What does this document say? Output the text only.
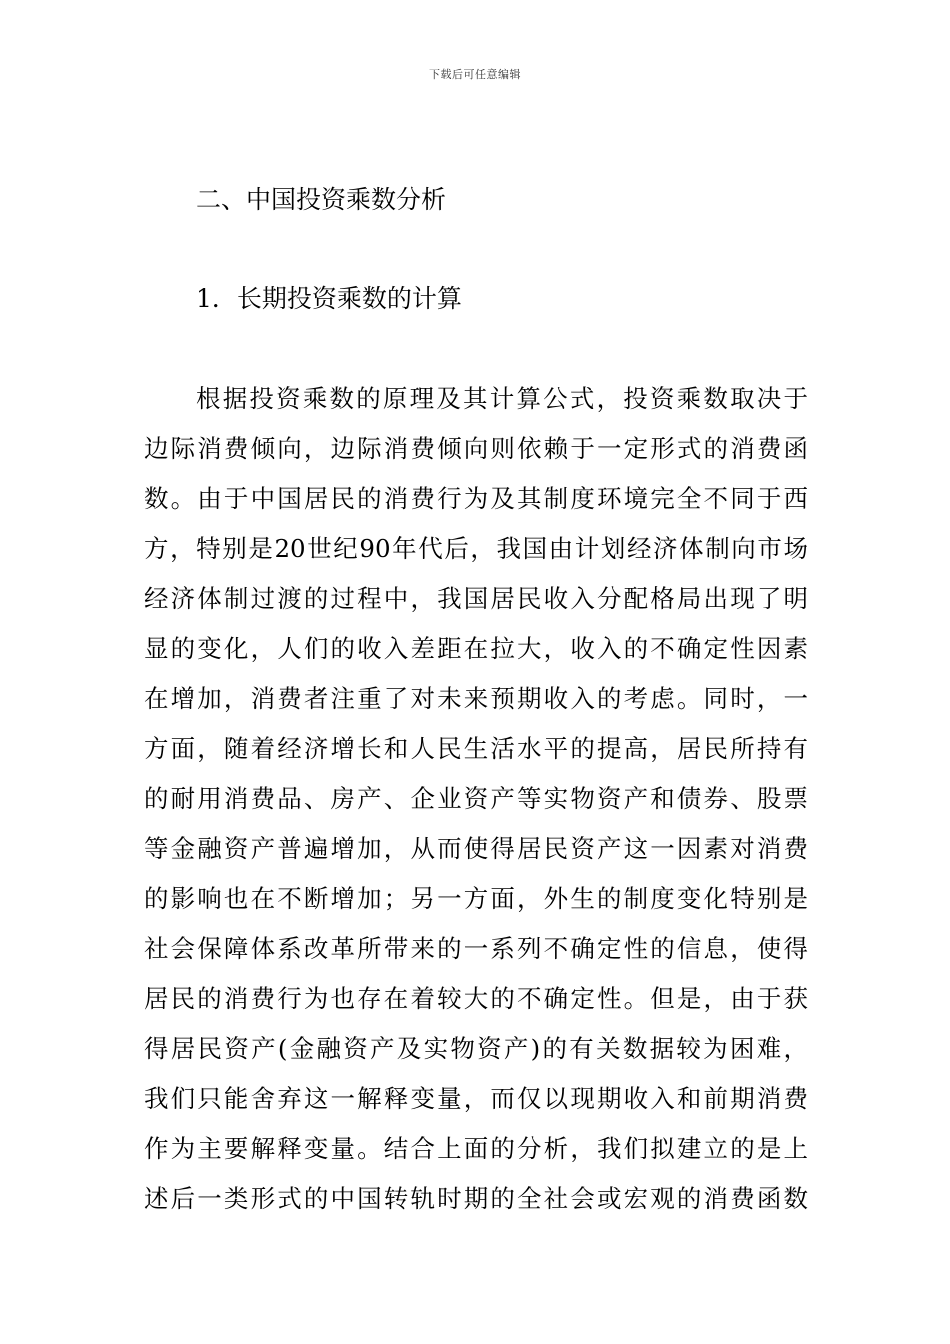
下载后可任意编辑
二、中国投资乘数分析
1．长期投资乘数的计算
根据投资乘数的原理及其计算公式，投资乘数取决于
边际消费倾向，边际消费倾向则依赖于一定形式的消费函
数。由于中国居民的消费行为及其制度环境完全不同于西
方，特别是20世纪90年代后，我国由计划经济体制向市场
经济体制过渡的过程中，我国居民收入分配格局出现了明
显的变化，人们的收入差距在拉大，收入的不确定性因素
在增加，消费者注重了对未来预期收入的考虑。同时，一
方面，随着经济增长和人民生活水平的提高，居民所持有
的耐用消费品、房产、企业资产等实物资产和债券、股票
等金融资产普遍增加，从而使得居民资产这一因素对消费
的影响也在不断增加；另一方面，外生的制度变化特别是
社会保障体系改革所带来的一系列不确定性的信息，使得
居民的消费行为也存在着较大的不确定性。但是，由于获
得居民资产(金融资产及实物资产)的有关数据较为困难，
我们只能舍弃这一解释变量，而仅以现期收入和前期消费
作为主要解释变量。结合上面的分析，我们拟建立的是上
述后一类形式的中国转轨时期的全社会或宏观的消费函数
